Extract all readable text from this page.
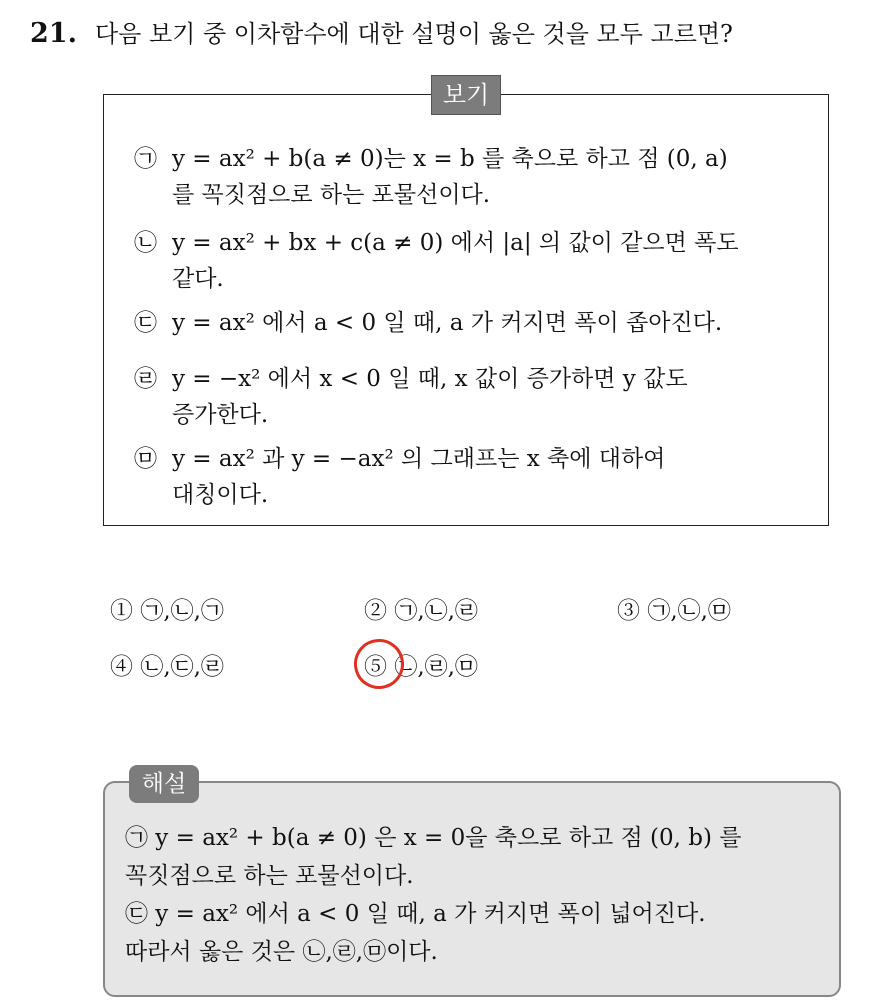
21. 다음 보기 중 이차함수에 대한 설명이 옳은 것을 모두 고르면?
보기
㉠ y = ax² + b(a ≠ 0)는 x = b 를 축으로 하고 점 (0, a)
를 꼭짓점으로 하는 포물선이다.
㉡ y = ax² + bx + c(a ≠ 0) 에서 |a| 의 값이 같으면 폭도
같다.
㉢ y = ax² 에서 a < 0 일 때, a 가 커지면 폭이 좁아진다.
㉣ y = −x² 에서 x < 0 일 때, x 값이 증가하면 y 값도
증가한다.
㉤ y = ax² 과 y = −ax² 의 그래프는 x 축에 대하여
대칭이다.
① ㉠,㉡,㉠	② ㉠,㉡,㉣	③ ㉠,㉡,㉤
④ ㉡,㉢,㉣	⑤ ㉡,㉣,㉤
해설
㉠ y = ax² + b(a ≠ 0) 은 x = 0을 축으로 하고 점 (0, b) 를
꼭짓점으로 하는 포물선이다.
㉢ y = ax² 에서 a < 0 일 때, a 가 커지면 폭이 넓어진다.
따라서 옳은 것은 ㉡,㉣,㉤이다.
